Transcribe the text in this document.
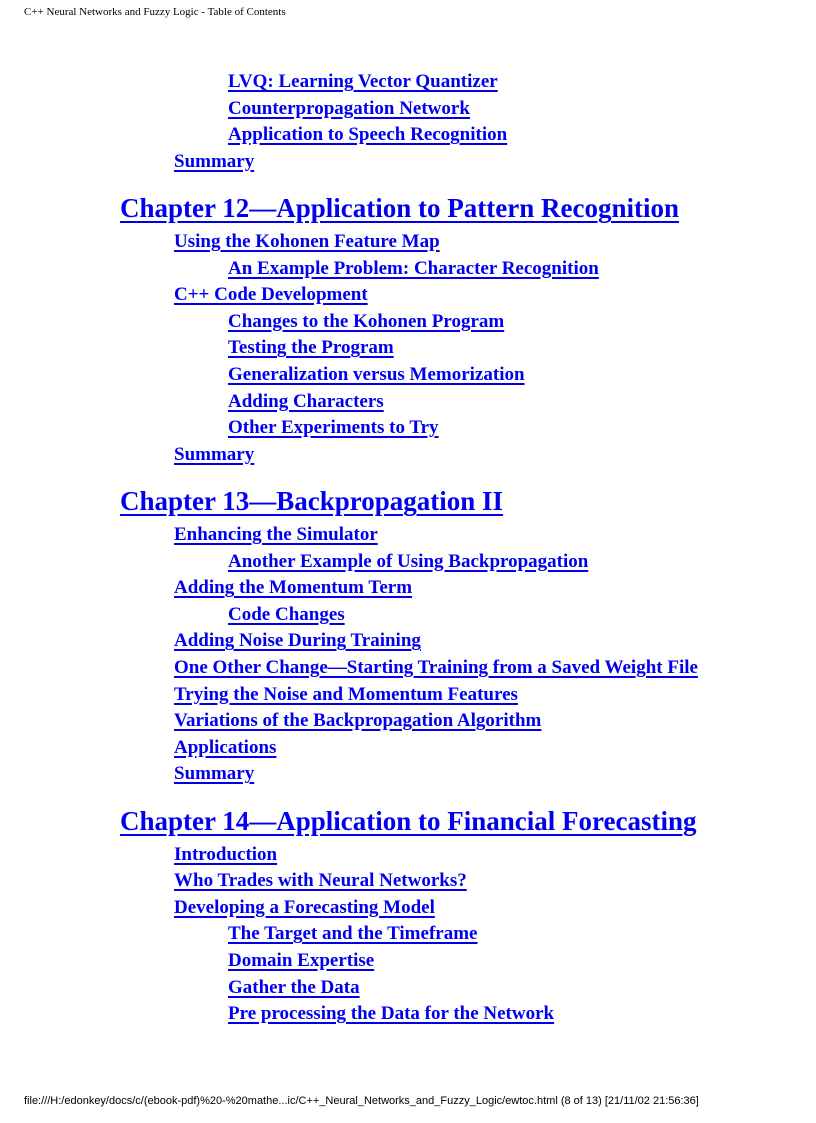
C++ Neural Networks and Fuzzy Logic - Table of Contents
LVQ: Learning Vector Quantizer
Counterpropagation Network
Application to Speech Recognition
Summary
Chapter 12—Application to Pattern Recognition
Using the Kohonen Feature Map
An Example Problem: Character Recognition
C++ Code Development
Changes to the Kohonen Program
Testing the Program
Generalization versus Memorization
Adding Characters
Other Experiments to Try
Summary
Chapter 13—Backpropagation II
Enhancing the Simulator
Another Example of Using Backpropagation
Adding the Momentum Term
Code Changes
Adding Noise During Training
One Other Change—Starting Training from a Saved Weight File
Trying the Noise and Momentum Features
Variations of the Backpropagation Algorithm
Applications
Summary
Chapter 14—Application to Financial Forecasting
Introduction
Who Trades with Neural Networks?
Developing a Forecasting Model
The Target and the Timeframe
Domain Expertise
Gather the Data
Pre processing the Data for the Network
file:///H:/edonkey/docs/c/(ebook-pdf)%20-%20mathe...ic/C++_Neural_Networks_and_Fuzzy_Logic/ewtoc.html (8 of 13) [21/11/02 21:56:36]
